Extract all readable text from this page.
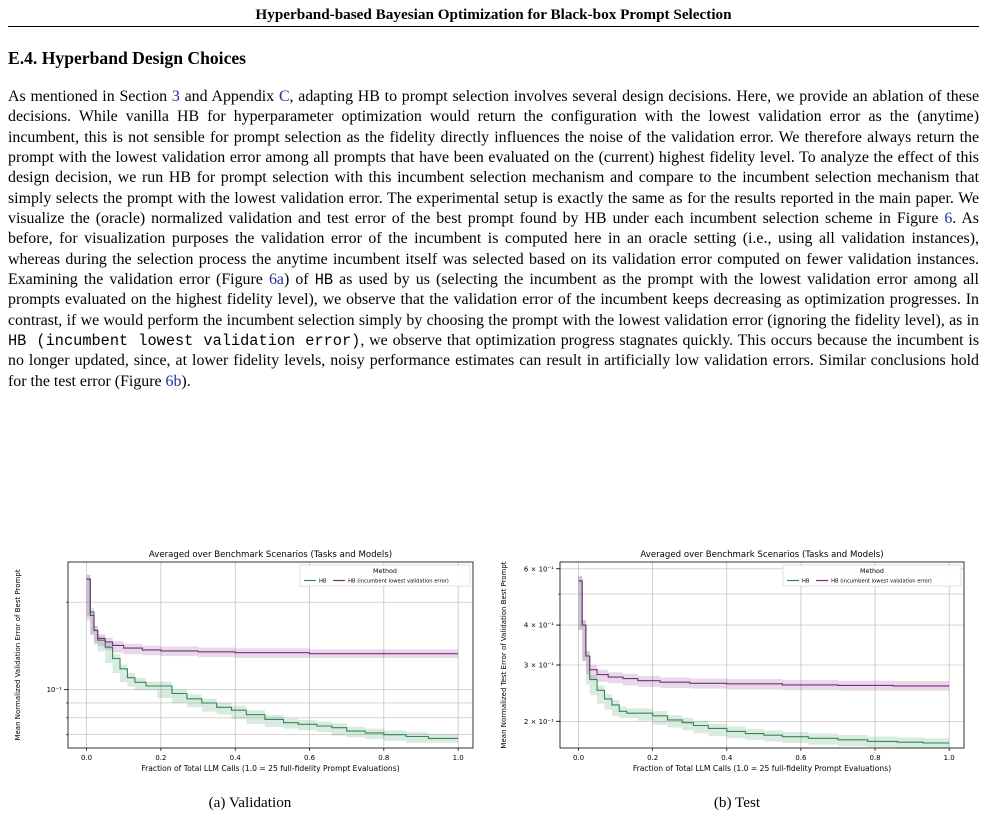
Hyperband-based Bayesian Optimization for Black-box Prompt Selection
E.4. Hyperband Design Choices

As mentioned in Section 3 and Appendix C, adapting HB to prompt selection involves several design decisions. Here, we provide an ablation of these decisions. While vanilla HB for hyperparameter optimization would return the configuration with the lowest validation error as the (anytime) incumbent, this is not sensible for prompt selection as the fidelity directly influences the noise of the validation error. We therefore always return the prompt with the lowest validation error among all prompts that have been evaluated on the (current) highest fidelity level. To analyze the effect of this design decision, we run HB for prompt selection with this incumbent selection mechanism and compare to the incumbent selection mechanism that simply selects the prompt with the lowest validation error. The experimental setup is exactly the same as for the results reported in the main paper. We visualize the (oracle) normalized validation and test error of the best prompt found by HB under each incumbent selection scheme in Figure 6. As before, for visualization purposes the validation error of the incumbent is computed here in an oracle setting (i.e., using all validation instances), whereas during the selection process the anytime incumbent itself was selected based on its validation error computed on fewer validation instances. Examining the validation error (Figure 6a) of HB as used by us (selecting the incumbent as the prompt with the lowest validation error among all prompts evaluated on the highest fidelity level), we observe that the validation error of the incumbent keeps decreasing as optimization progresses. In contrast, if we would perform the incumbent selection simply by choosing the prompt with the lowest validation error (ignoring the fidelity level), as in HB (incumbent lowest validation error), we observe that optimization progress stagnates quickly. This occurs because the incumbent is no longer updated, since, at lower fidelity levels, noisy performance estimates can result in artificially low validation errors. Similar conclusions hold for the test error (Figure 6b).

0.0	0.2	0.4	0.6	0.8	1.0
10⁻¹
Averaged over Benchmark Scenarios (Tasks and Models)
Fraction of Total LLM Calls (1.0 = 25 full-fidelity Prompt Evaluations)
Mean Normalized Validation Error of Best Prompt	Method
HB	HB (incumbent lowest validation error)
0.0	0.2	0.4	0.6	0.8	1.0
2 × 10⁻¹
3 × 10⁻¹
4 × 10⁻¹
6 × 10⁻¹
Averaged over Benchmark Scenarios (Tasks and Models)
Fraction of Total LLM Calls (1.0 = 25 full-fidelity Prompt Evaluations)
Mean Normalized Test Error of Validation Best Prompt	Method
HB	HB (incumbent lowest validation error)
(a) Validation	(b) Test
